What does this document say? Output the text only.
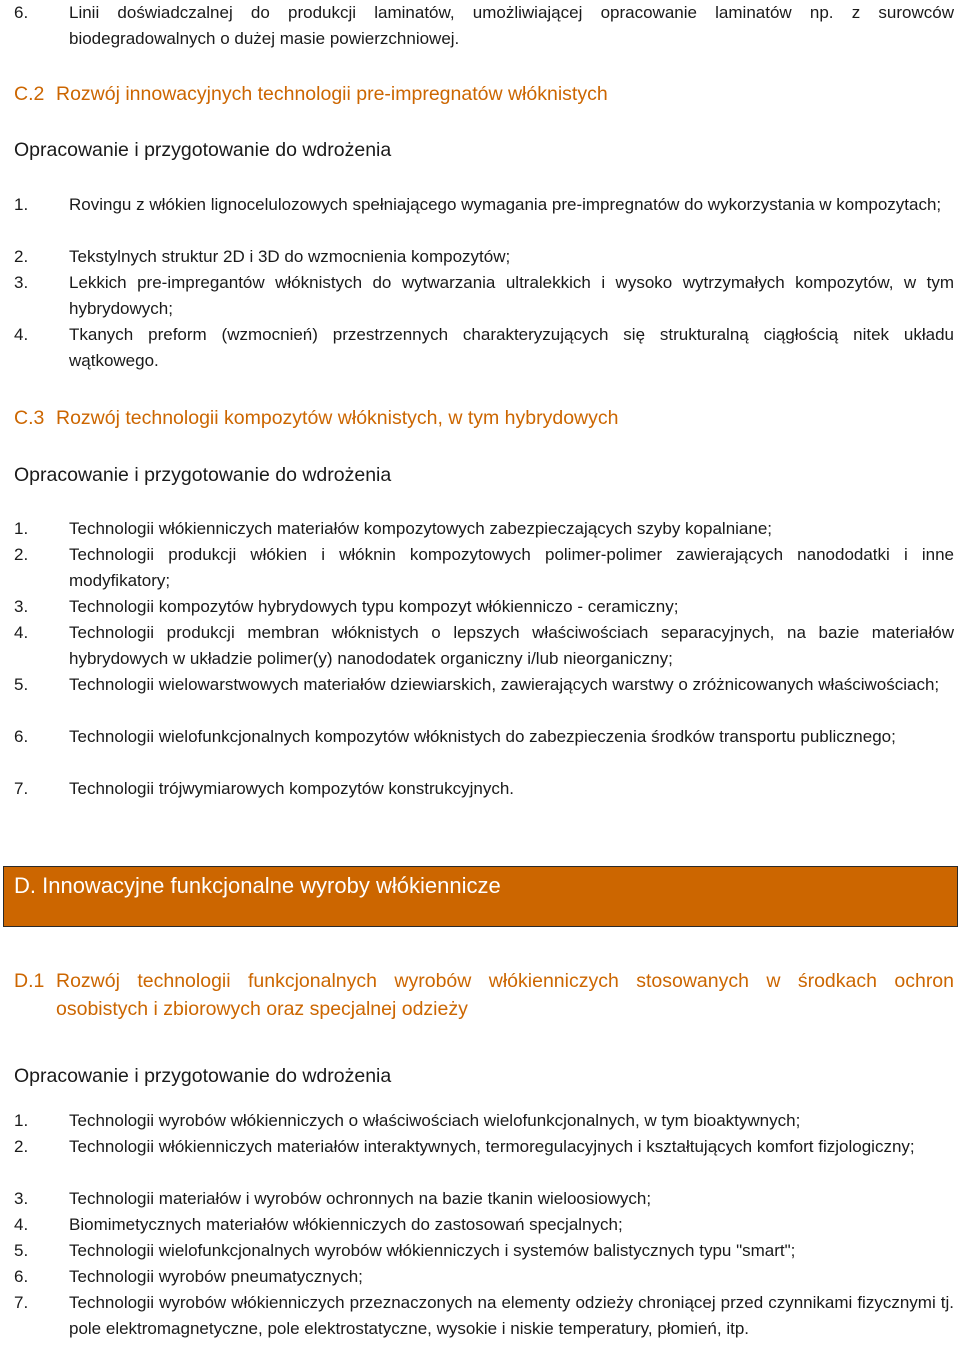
6.	Linii doświadczalnej do produkcji laminatów, umożliwiającej opracowanie laminatów np. z surowców biodegradowalnych o dużej masie powierzchniowej.
C.2 Rozwój innowacyjnych technologii pre-impregnatów włóknistych
Opracowanie i przygotowanie do wdrożenia
1.	Rovingu z włókien lignocelulozowych spełniającego wymagania pre-impregnatów do wykorzystania w kompozytach;
2.	Tekstylnych struktur 2D i 3D do wzmocnienia kompozytów;
3.	Lekkich pre-impregantów włóknistych do wytwarzania ultralekkich i wysoko wytrzymałych kompozytów, w tym hybrydowych;
4.	Tkanych preform (wzmocnień) przestrzennych charakteryzujących się strukturalną ciągłością nitek układu wątkowego.
C.3 Rozwój technologii kompozytów włóknistych, w tym hybrydowych
Opracowanie i przygotowanie do wdrożenia
1.	Technologii włókienniczych materiałów kompozytowych zabezpieczających szyby kopalniane;
2.	Technologii produkcji włókien i włóknin kompozytowych polimer-polimer zawierających nanododatki i inne modyfikatory;
3.	Technologii kompozytów hybrydowych typu kompozyt włókienniczo - ceramiczny;
4.	Technologii produkcji membran włóknistych o lepszych właściwościach separacyjnych, na bazie materiałów hybrydowych w układzie polimer(y) nanododatek organiczny i/lub nieorganiczny;
5.	Technologii wielowarstwowych materiałów dziewiarskich, zawierających warstwy o zróżnicowanych właściwościach;
6.	Technologii wielofunkcjonalnych kompozytów włóknistych do zabezpieczenia środków transportu publicznego;
7.	Technologii trójwymiarowych kompozytów konstrukcyjnych.
D. Innowacyjne funkcjonalne wyroby włókiennicze
D.1 Rozwój technologii funkcjonalnych wyrobów włókienniczych stosowanych w środkach ochron osobistych i zbiorowych oraz specjalnej odzieży
Opracowanie i przygotowanie do wdrożenia
1.	Technologii wyrobów włókienniczych o właściwościach wielofunkcjonalnych, w tym bioaktywnych;
2.	Technologii włókienniczych materiałów interaktywnych, termoregulacyjnych i kształtujących komfort fizjologiczny;
3.	Technologii materiałów i wyrobów ochronnych na bazie tkanin wieloosiowych;
4.	Biomimetycznych materiałów włókienniczych do zastosowań specjalnych;
5.	Technologii wielofunkcjonalnych wyrobów włókienniczych i systemów balistycznych typu "smart";
6.	Technologii wyrobów pneumatycznych;
7.	Technologii wyrobów włókienniczych przeznaczonych na elementy odzieży chroniącej przed czynnikami fizycznymi tj. pole elektromagnetyczne, pole elektrostatyczne, wysokie i niskie temperatury, płomień, itp.
